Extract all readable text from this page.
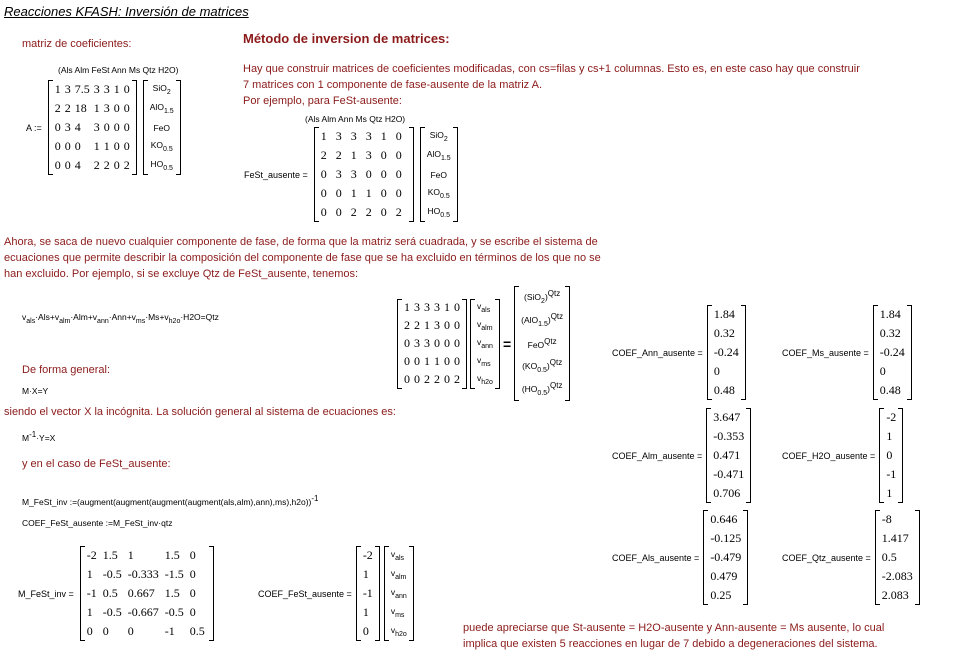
Reacciones KFASH: Inversión de matrices
matriz de coeficientes:
(Als Alm FeSt Ann Ms Qtz H2O)
A :=
1	3	7.5	3	3	1	0
2	2	18	1	3	0	0
0	3	4	3	0	0	0
0	0	0	1	1	0	0
0	0	4	2	2	0	2
SiO$_2$
AlO$_{1.5}$
FeO
$KO_{0.5}$
$HO_{0.5}$
Método de inversion de matrices:
Hay que construir matrices de coeficientes modificadas, con cs=filas y cs+1 columnas. Esto es, en este caso hay que construir
7 matrices con 1 componente de fase-ausente de la matriz A.
Por ejemplo, para FeSt-ausente:
(Als Alm Ann Ms Qtz H2O)
FeSt_ausente =
1	3	3	3	1	0
2	2	1	3	0	0
0	3	3	0	0	0
0	0	1	1	0	0
0	0	2	2	0	2
SiO$_2$
AlO$_{1.5}$
FeO
$KO_{0.5}$
$HO_{0.5}$
Ahora, se saca de nuevo cualquier componente de fase, de forma que la matriz será cuadrada, y se escribe el sistema de
ecuaciones que permite describir la composición del componente de fase que se ha excluido en términos de los que no se
han excluido. Por ejemplo, si se excluye Qtz de FeSt_ausente, tenemos:
$v_{als}\cdot Als+v_{alm}\cdot Alm+v_{ann}\cdot Ann+v_{ms}\cdot Ms+v_{h2o}\cdot H2O=Qtz$
1	3	3	3	1	0
2	2	1	3	0	0
0	3	3	0	0	0
0	0	1	1	0	0
0	0	2	2	0	2
$v_{als}$
$v_{alm}$
$v_{ann}$
$v_{ms}$
$v_{h2o}$
=
$(SiO_2)^{Qtz}$
$(AlO_{1.5})^{Qtz}$
FeO$^{Qtz}$
$(KO_{0.5})^{Qtz}$
$(HO_{0.5})^{Qtz}$
De forma general:
M·X=Y
siendo el vector X la incógnita. La solución general al sistema de ecuaciones es:
$M^{-1}\cdot Y=X$
y en el caso de FeSt_ausente:
M_FeSt_inv :=(augment(augment(augment(augment(als,alm),ann),ms),h2o))$^{-1}$
COEF_FeSt_ausente :=M_FeSt_inv·qtz
M_FeSt_inv =
-2	1.5	1	1.5	0
1	-0.5	-0.333	-1.5	0
-1	0.5	0.667	1.5	0
1	-0.5	-0.667	-0.5	0
0	0	0	-1	0.5
COEF_FeSt_ausente =
-2
1
-1
1
0
$v_{als}$
$v_{alm}$
$v_{ann}$
$v_{ms}$
$v_{h2o}$
COEF_Ann_ausente =
1.84
0.32
-0.24
0
0.48
COEF_Ms_ausente =
1.84
0.32
-0.24
0
0.48
COEF_Alm_ausente =
3.647
-0.353
0.471
-0.471
0.706
COEF_H2O_ausente =
-2
1
0
-1
1
COEF_Als_ausente =
0.646
-0.125
-0.479
0.479
0.25
COEF_Qtz_ausente =
-8
1.417
0.5
-2.083
2.083
puede apreciarse que St-ausente = H2O-ausente y Ann-ausente = Ms ausente, lo cual
implica que existen 5 reacciones en lugar de 7 debido a degeneraciones del sistema.
